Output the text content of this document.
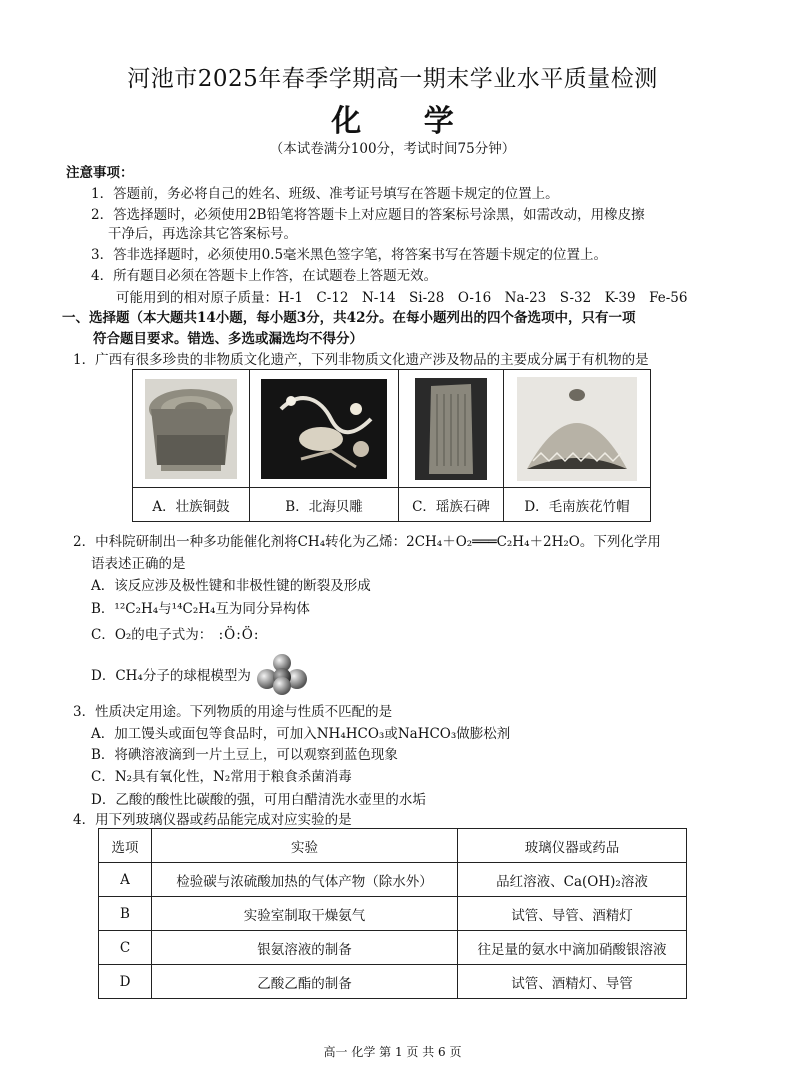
河池市2025年春季学期高一期末学业水平质量检测
化 学
（本试卷满分100分，考试时间75分钟）
注意事项：
1．答题前，务必将自己的姓名、班级、准考证号填写在答题卡规定的位置上。
2．答选择题时，必须使用2B铅笔将答题卡上对应题目的答案标号涂黑，如需改动，用橡皮擦
干净后，再选涂其它答案标号。
3．答非选择题时，必须使用0.5毫米黑色签字笔，将答案书写在答题卡规定的位置上。
4．所有题目必须在答题卡上作答，在试题卷上答题无效。
可能用到的相对原子质量：H-1　C-12　N-14　Si-28　O-16　Na-23　S-32　K-39　Fe-56
一、选择题（本大题共14小题，每小题3分，共42分。在每小题列出的四个备选项中，只有一项
符合题目要求。错选、多选或漏选均不得分）
1．广西有很多珍贵的非物质文化遗产，下列非物质文化遗产涉及物品的主要成分属于有机物的是

A．壮族铜鼓	B．北海贝雕	C．瑶族石碑	D．毛南族花竹帽
2．中科院研制出一种多功能催化剂将CH₄转化为乙烯：2CH₄＋O₂═══C₂H₄＋2H₂O。下列化学用
语表述正确的是
A．该反应涉及极性键和非极性键的断裂及形成
B．¹²C₂H₄与¹⁴C₂H₄互为同分异构体
C．O₂的电子式为： :Ö:Ö:
D．CH₄分子的球棍模型为
3．性质决定用途。下列物质的用途与性质不匹配的是
A．加工馒头或面包等食品时，可加入NH₄HCO₃或NaHCO₃做膨松剂
B．将碘溶液滴到一片土豆上，可以观察到蓝色现象
C．N₂具有氧化性，N₂常用于粮食杀菌消毒
D．乙酸的酸性比碳酸的强，可用白醋清洗水壶里的水垢
4．用下列玻璃仪器或药品能完成对应实验的是
选项	实验	玻璃仪器或药品
A	检验碳与浓硫酸加热的气体产物（除水外）	品红溶液、Ca(OH)₂溶液
B	实验室制取干燥氨气	试管、导管、酒精灯
C	银氨溶液的制备	往足量的氨水中滴加硝酸银溶液
D	乙酸乙酯的制备	试管、酒精灯、导管
高一 化学 第 1 页 共 6 页
